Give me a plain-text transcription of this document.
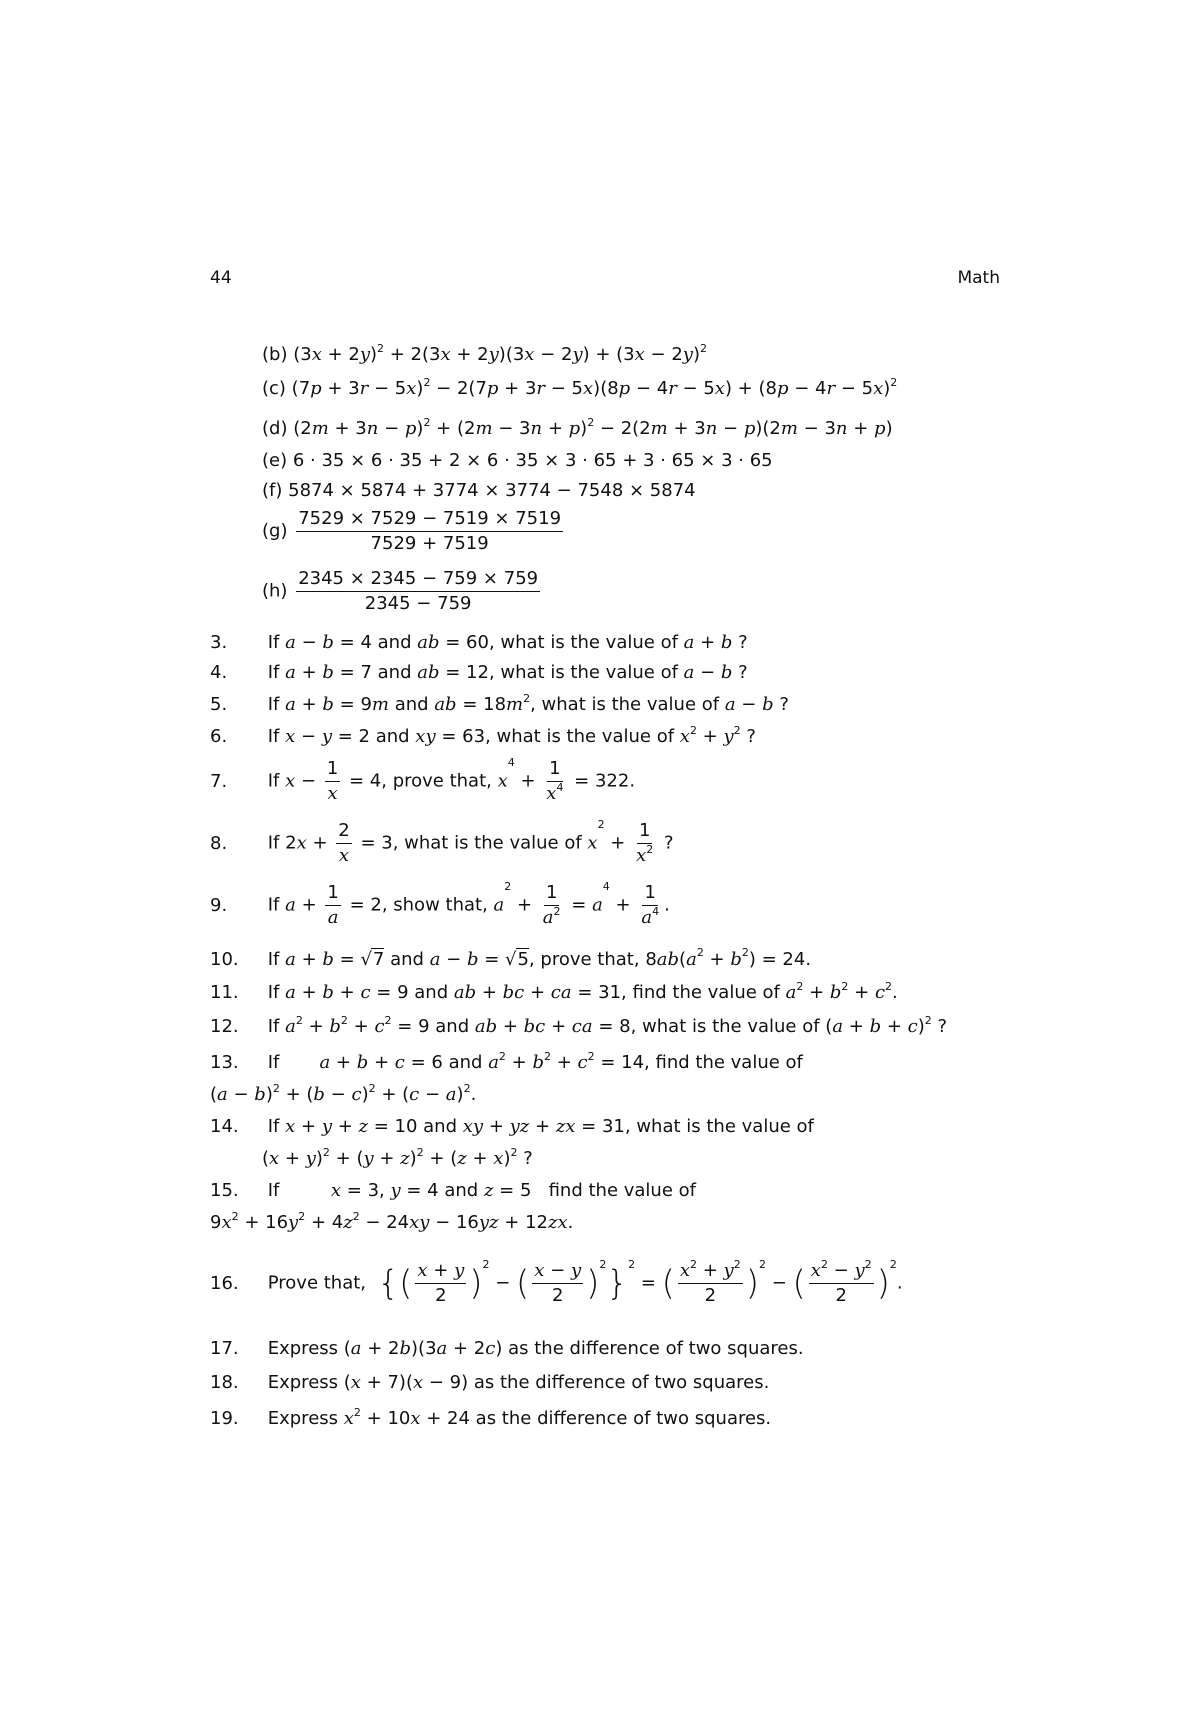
44	Math
(b) $(3x + 2y)^2 + 2(3x + 2y)(3x - 2y) + (3x - 2y)^2$
(c) $(7p + 3r - 5x)^2 - 2(7p + 3r - 5x)(8p - 4r - 5x) + (8p - 4r - 5x)^2$
(d) $(2m + 3n - p)^2 + (2m - 3n + p)^2 - 2(2m + 3n - p)(2m - 3n + p)$
(e) 6 · 35 × 6 · 35 + 2 × 6 · 35 × 3 · 65 + 3 · 65 × 3 · 65
(f) 5874 × 5874 + 3774 × 3774 − 7548 × 5874
$(g) \frac{7529 \times 7529 - 7519 \times 7519}{7529 + 7519}$
$(h) \frac{2345 \times 2345 - 759 \times 759}{2345 - 759}$
3. If a − b = 4 and ab = 60, what is the value of a + b ?
4. If a + b = 7 and ab = 12, what is the value of a − b ?
5. If a + b = 9m and ab = $18m^2$, what is the value of a − b ?
6. If x − y = 2 and xy = 63, what is the value of $x^2 + y^2$ ?
7. If $x - \frac{1}{x} = 4$, prove that, $x^4 + \frac{1}{x^4} = 322$.
8. If $2x + \frac{2}{x} = 3$, what is the value of $x^2 + \frac{1}{x^2}$ ?
9. If $a + \frac{1}{a} = 2$, show that, $a^2 + \frac{1}{a^2} = a^4 + \frac{1}{a^4}$ .
10. If a + b = √7 and a − b = √5, prove that, $8ab(a^2 + b^2) = 24$.
11. If a + b + c = 9 and ab + bc + ca = 31, find the value of $a^2 + b^2 + c^2$.
12. If $a^2 + b^2 + c^2 = 9$ and ab + bc + ca = 8, what is the value of $(a + b + c)^2$ ?
13. If a + b + c = 6 and $a^2 + b^2 + c^2 = 14$, find the value of
$(a - b)^2 + (b - c)^2 + (c - a)^2$.
14. If x + y + z = 10 and xy + yz + zx = 31, what is the value of
$(x + y)^2 + (y + z)^2 + (z + x)^2$ ?
15. If	x = 3, y = 4 and z = 5   find the value of
$9x^2 + 16y^2 + 4z^2 - 24xy - 16yz + 12zx$.
16. Prove that, {( $\frac{x + y}{2} )^2$ − ( $\frac{x - y}{2} )^2\}^2$ = ( $\frac{x^2 + y^2}{2} )^2$ − ( $\frac{x^2 - y^2}{2} )^2$.
17. Express (a + 2b)(3a + 2c) as the difference of two squares.
18. Express (x + 7)(x − 9) as the difference of two squares.
19. Express $x^2 + 10x + 24$ as the difference of two squares.
